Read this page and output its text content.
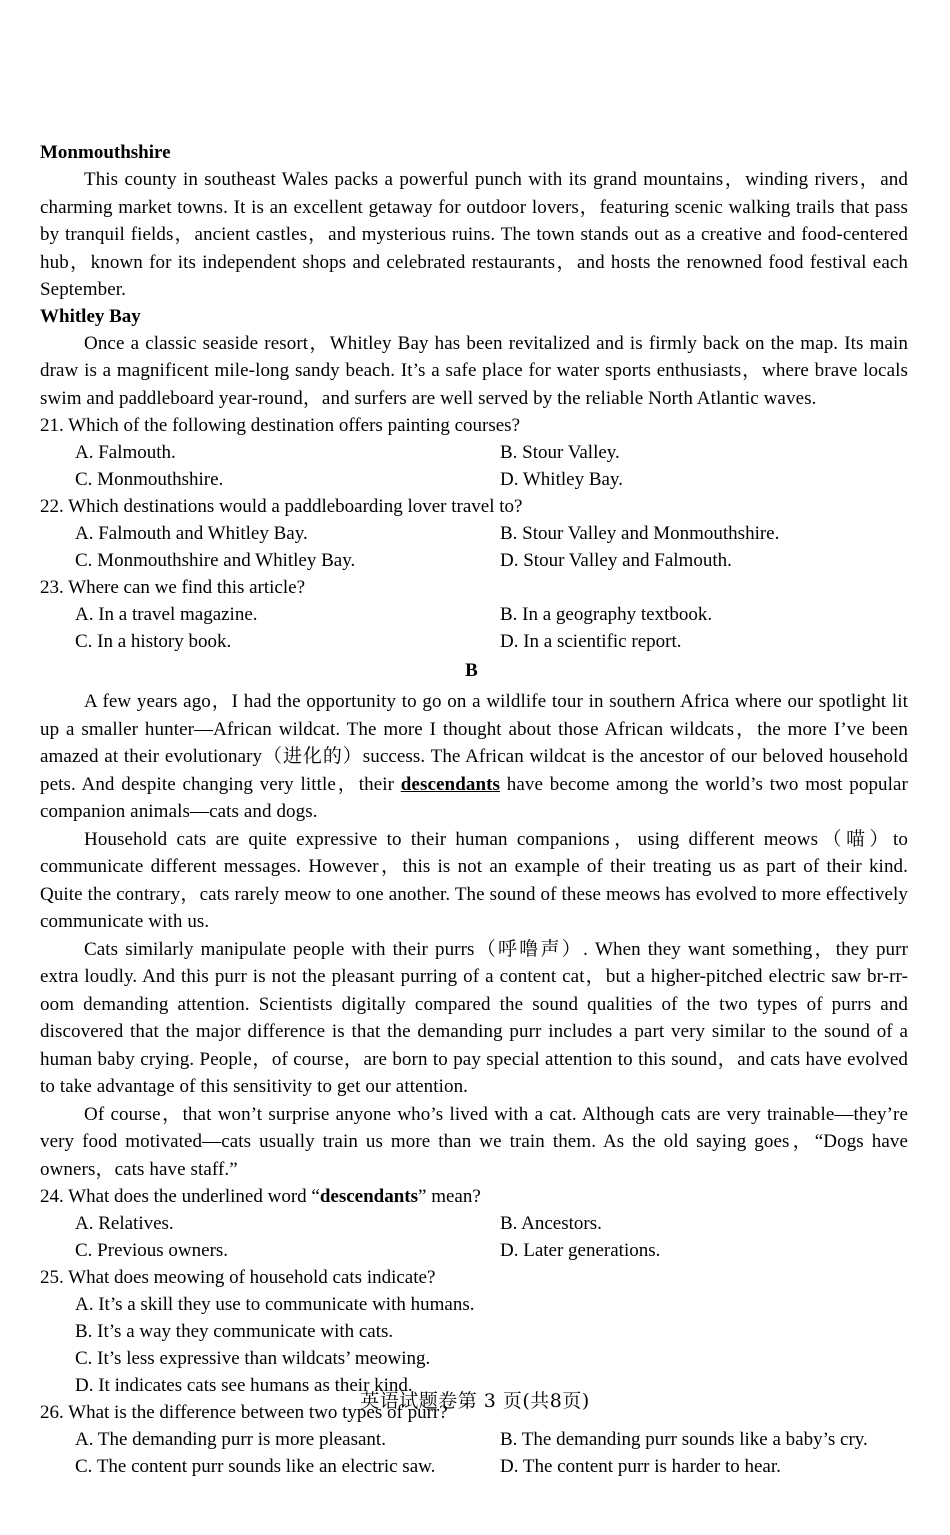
Monmouthshire

This county in southeast Wales packs a powerful punch with its grand mountains，winding rivers，and charming market towns. It is an excellent getaway for outdoor lovers，featuring scenic walking trails that pass by tranquil fields，ancient castles，and mysterious ruins. The town stands out as a creative and food-centered hub，known for its independent shops and celebrated restaurants，and hosts the renowned food festival each September.

Whitley Bay

Once a classic seaside resort，Whitley Bay has been revitalized and is firmly back on the map. Its main draw is a magnificent mile-long sandy beach. It’s a safe place for water sports enthusiasts，where brave locals swim and paddleboard year-round，and surfers are well served by the reliable North Atlantic waves.

21. Which of the following destination offers painting courses?
A. Falmouth.	B. Stour Valley.
C. Monmouthshire.	D. Whitley Bay.
22. Which destinations would a paddleboarding lover travel to?
A. Falmouth and Whitley Bay.	B. Stour Valley and Monmouthshire.
C. Monmouthshire and Whitley Bay.	D. Stour Valley and Falmouth.
23. Where can we find this article?
A. In a travel magazine.	B. In a geography textbook.
C. In a history book.	D. In a scientific report.
B

A few years ago，I had the opportunity to go on a wildlife tour in southern Africa where our spotlight lit up a smaller hunter—African wildcat. The more I thought about those African wildcats，the more I’ve been amazed at their evolutionary（进化的）success. The African wildcat is the ancestor of our beloved household pets. And despite changing very little，their descendants have become among the world’s two most popular companion animals—cats and dogs.

Household cats are quite expressive to their human companions，using different meows（喵）to communicate different messages. However，this is not an example of their treating us as part of their kind. Quite the contrary，cats rarely meow to one another. The sound of these meows has evolved to more effectively communicate with us.

Cats similarly manipulate people with their purrs（呼噜声）. When they want something，they purr extra loudly. And this purr is not the pleasant purring of a content cat，but a higher-pitched electric saw br-rr-oom demanding attention. Scientists digitally compared the sound qualities of the two types of purrs and discovered that the major difference is that the demanding purr includes a part very similar to the sound of a human baby crying. People，of course，are born to pay special attention to this sound，and cats have evolved to take advantage of this sensitivity to get our attention.

Of course，that won’t surprise anyone who’s lived with a cat. Although cats are very trainable—they’re very food motivated—cats usually train us more than we train them. As the old saying goes，“Dogs have owners，cats have staff.”

24. What does the underlined word “descendants” mean?
A. Relatives.	B. Ancestors.
C. Previous owners.	D. Later generations.
25. What does meowing of household cats indicate?
A. It’s a skill they use to communicate with humans.
B. It’s a way they communicate with cats.
C. It’s less expressive than wildcats’ meowing.
D. It indicates cats see humans as their kind.
26. What is the difference between two types of purr?
A. The demanding purr is more pleasant.	B. The demanding purr sounds like a baby’s cry.
C. The content purr sounds like an electric saw.	D. The content purr is harder to hear.
英语试题卷第 3 页(共8页)
